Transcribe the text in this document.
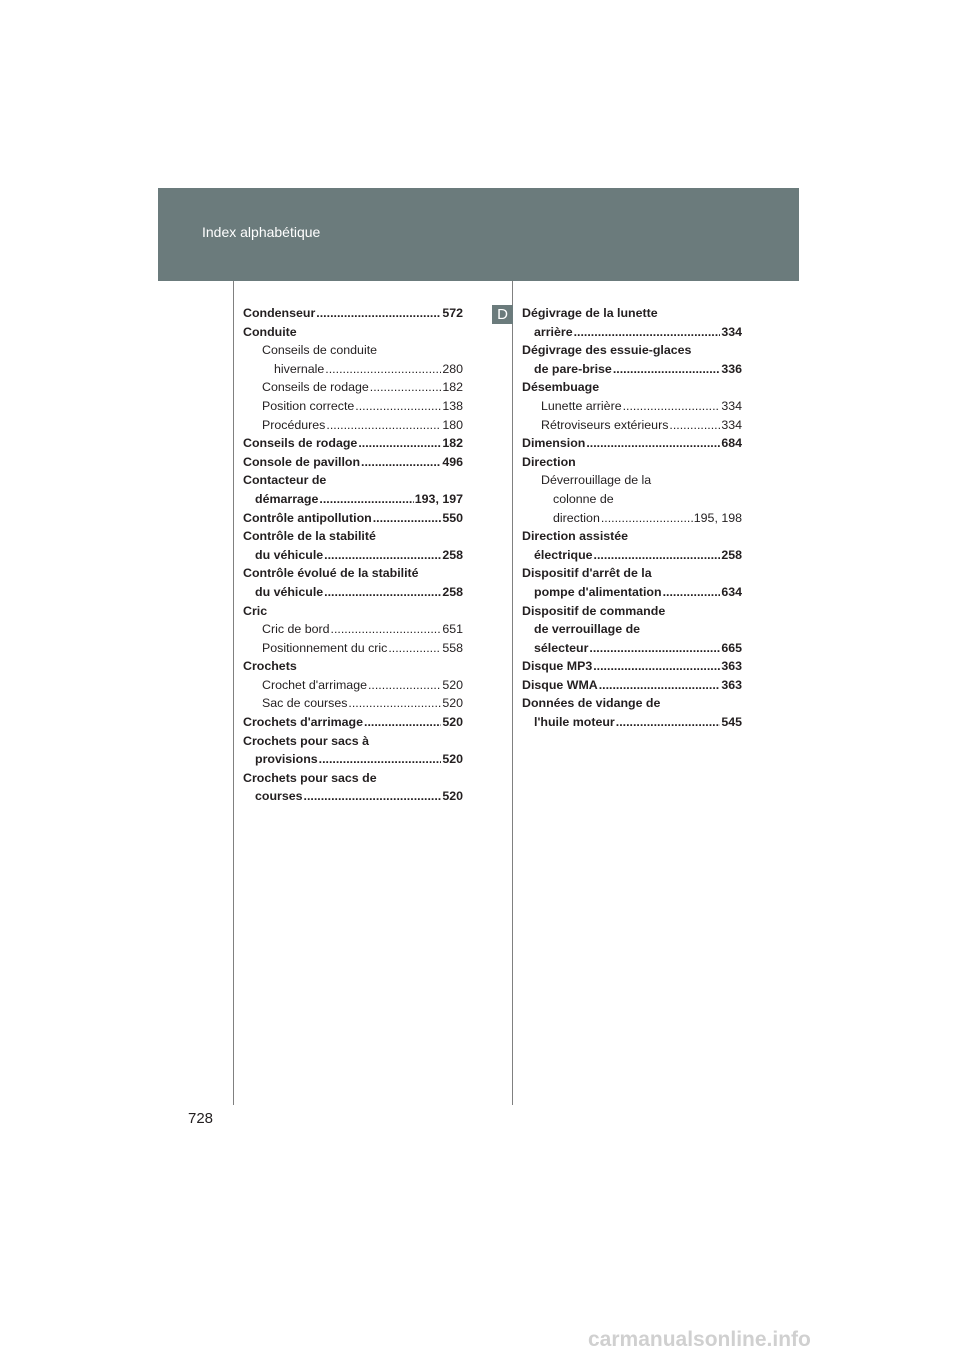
Index alphabétique
D
Condenseur .....	572
Conduite
Conseils de conduite
hivernale .....	280
Conseils de rodage .....	182
Position correcte .....	138
Procédures .....	180
Conseils de rodage .....	182
Console de pavillon .....	496
Contacteur de
démarrage .....	193, 197
Contrôle antipollution .....	550
Contrôle de la stabilité
du véhicule .....	258
Contrôle évolué de la stabilité
du véhicule .....	258
Cric
Cric de bord .....	651
Positionnement du cric .....	558
Crochets
Crochet d'arrimage .....	520
Sac de courses .....	520
Crochets d'arrimage .....	520
Crochets pour sacs à
provisions .....	520
Crochets pour sacs de
courses .....	520
Dégivrage de la lunette
arrière .....	334
Dégivrage des essuie-glaces
de pare-brise .....	336
Désembuage
Lunette arrière .....	334
Rétroviseurs extérieurs .....	334
Dimension .....	684
Direction
Déverrouillage de la
colonne de
direction .....	195, 198
Direction assistée
électrique .....	258
Dispositif d'arrêt de la
pompe d'alimentation .....	634
Dispositif de commande
de verrouillage de
sélecteur .....	665
Disque MP3 .....	363
Disque WMA .....	363
Données de vidange de
l'huile moteur .....	545
728
carmanualsonline.info
